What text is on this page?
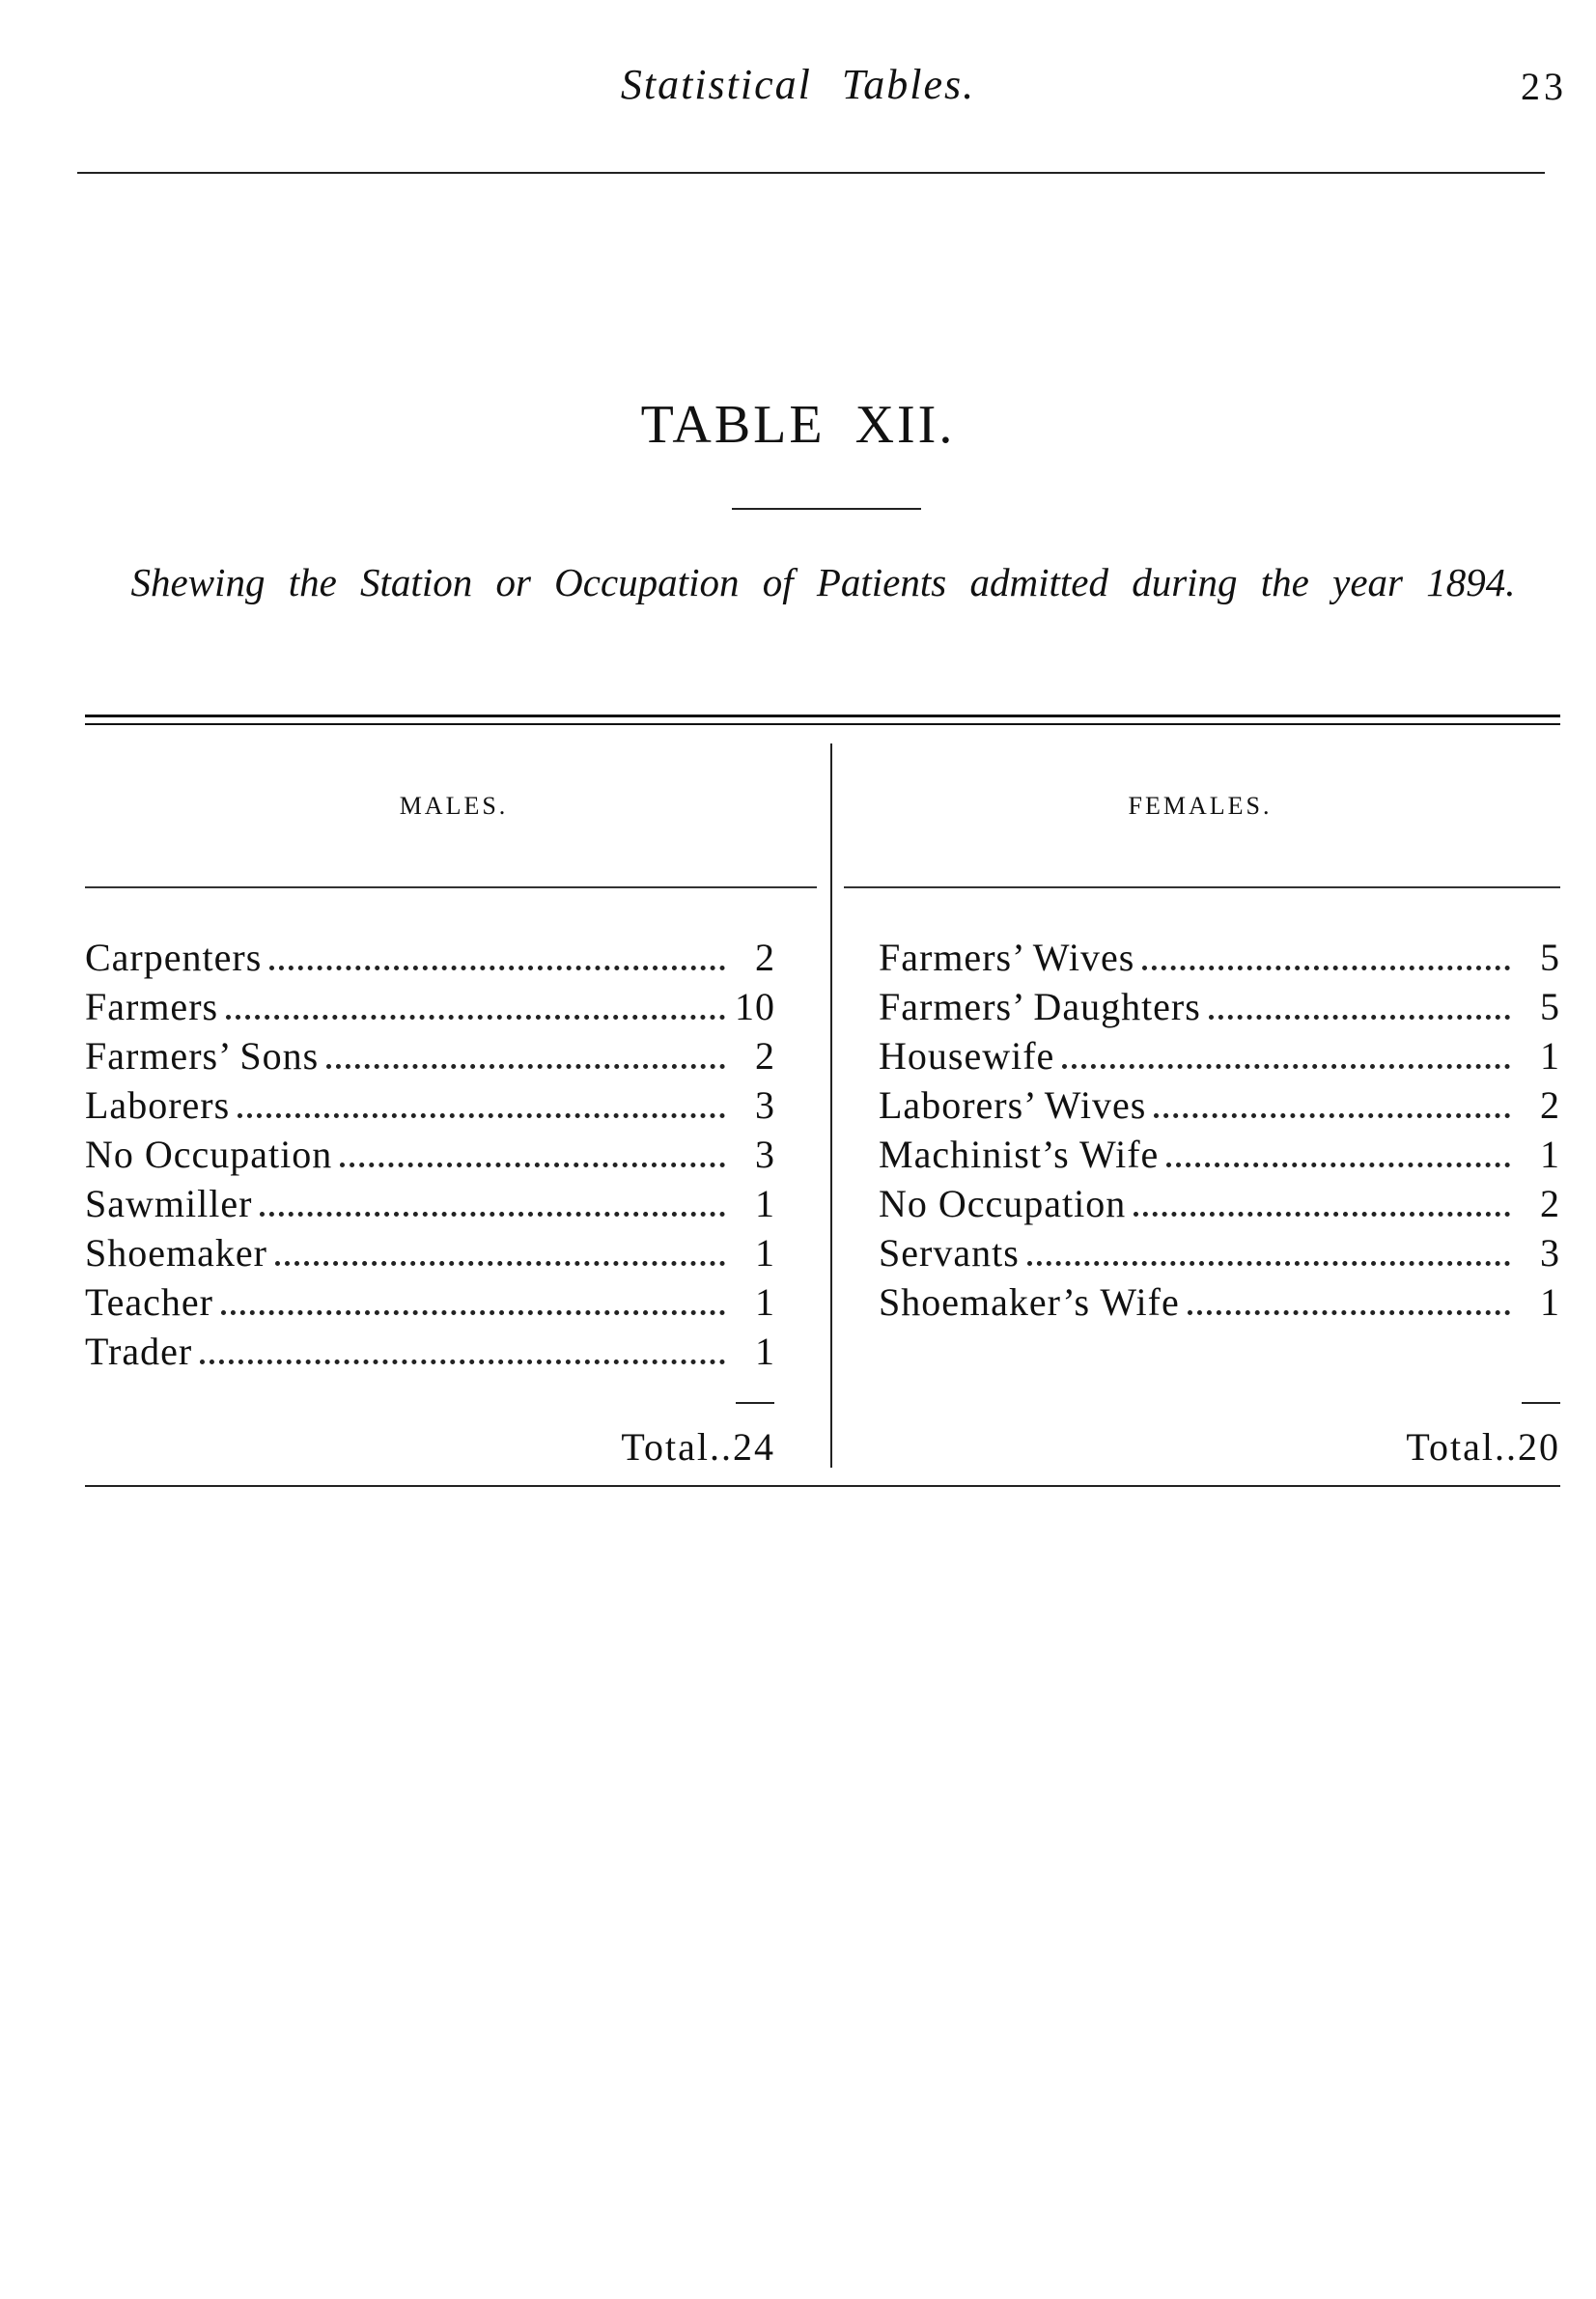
Statistical Tables.	23
TABLE XII.
Shewing the Station or Occupation of Patients admitted during the year 1894.
MALES.	FEMALES.
Carpenters	2
Farmers	10
Farmers’ Sons	2
Laborers	3
No Occupation	3
Sawmiller	1
Shoemaker	1
Teacher	1
Trader	1
Farmers’ Wives	5
Farmers’ Daughters	5
Housewife	1
Laborers’ Wives	2
Machinist’s Wife	1
No Occupation	2
Servants	3
Shoemaker’s Wife	1
Total..24	Total..20
